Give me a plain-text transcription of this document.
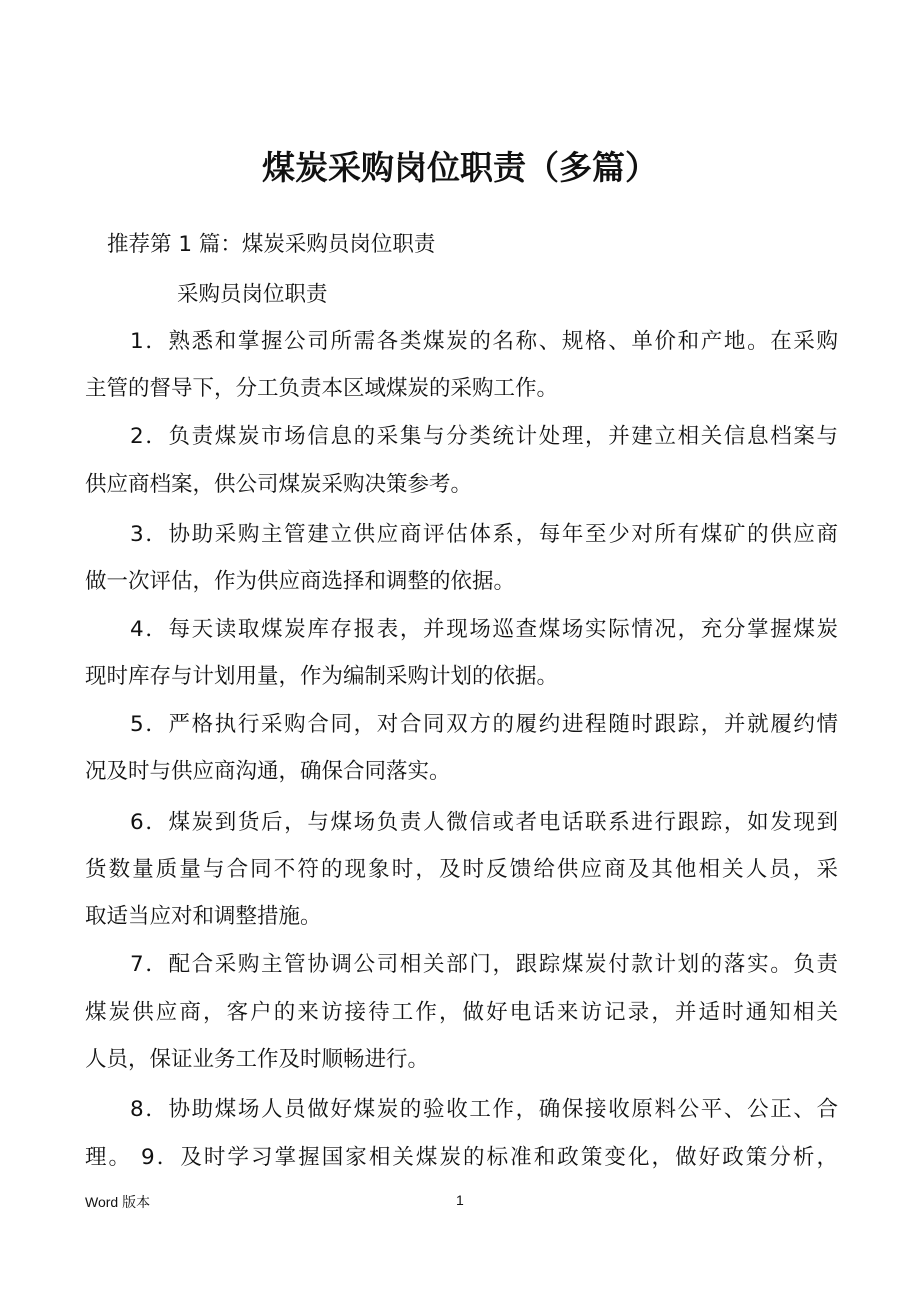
煤炭采购岗位职责（多篇）
推荐第 1 篇：煤炭采购员岗位职责
采购员岗位职责
1．熟悉和掌握公司所需各类煤炭的名称、规格、单价和产地。在采购
主管的督导下，分工负责本区域煤炭的采购工作。
2．负责煤炭市场信息的采集与分类统计处理，并建立相关信息档案与
供应商档案，供公司煤炭采购决策参考。
3．协助采购主管建立供应商评估体系，每年至少对所有煤矿的供应商
做一次评估，作为供应商选择和调整的依据。
4．每天读取煤炭库存报表，并现场巡查煤场实际情况，充分掌握煤炭
现时库存与计划用量，作为编制采购计划的依据。
5．严格执行采购合同，对合同双方的履约进程随时跟踪，并就履约情
况及时与供应商沟通，确保合同落实。
6．煤炭到货后，与煤场负责人微信或者电话联系进行跟踪，如发现到
货数量质量与合同不符的现象时，及时反馈给供应商及其他相关人员，采
取适当应对和调整措施。
7．配合采购主管协调公司相关部门，跟踪煤炭付款计划的落实。负责
煤炭供应商，客户的来访接待工作，做好电话来访记录，并适时通知相关
人员，保证业务工作及时顺畅进行。
8．协助煤场人员做好煤炭的验收工作，确保接收原料公平、公正、合
理。 9．及时学习掌握国家相关煤炭的标准和政策变化，做好政策分析，
Word 版本	1
